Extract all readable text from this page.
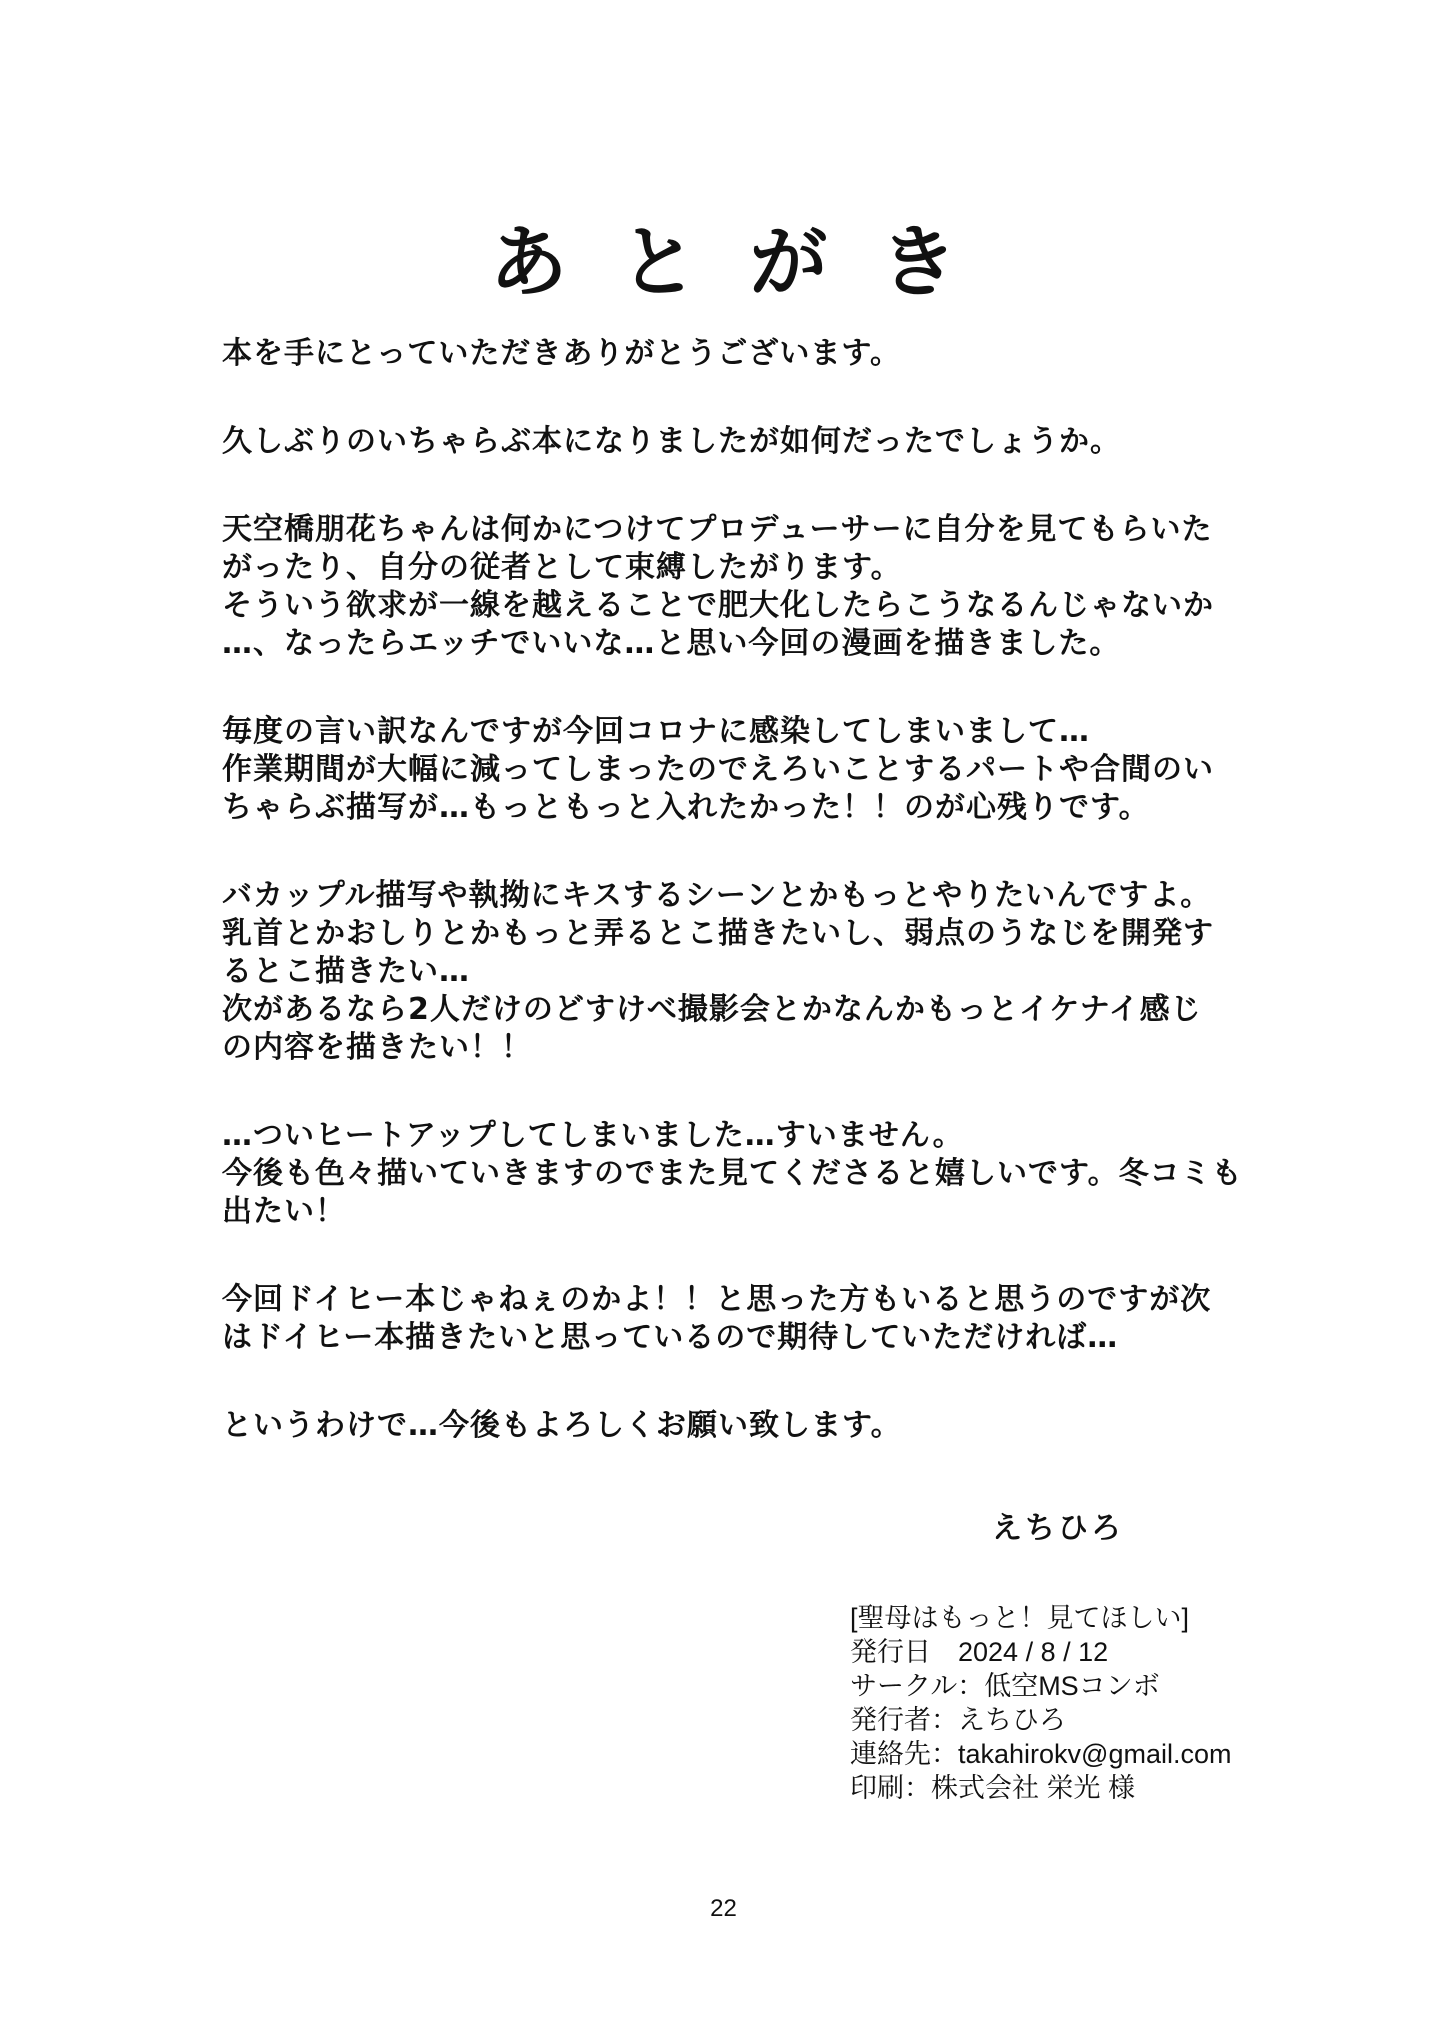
あとがき
本を手にとっていただきありがとうございます。
久しぶりのいちゃらぶ本になりましたが如何だったでしょうか。
天空橋朋花ちゃんは何かにつけてプロデューサーに自分を見てもらいた
がったり、自分の従者として束縛したがります。
そういう欲求が一線を越えることで肥大化したらこうなるんじゃないか
…、なったらエッチでいいな…と思い今回の漫画を描きました。
毎度の言い訳なんですが今回コロナに感染してしまいまして…
作業期間が大幅に減ってしまったのでえろいことするパートや合間のい
ちゃらぶ描写が…もっともっと入れたかった！！のが心残りです。
バカップル描写や執拗にキスするシーンとかもっとやりたいんですよ。
乳首とかおしりとかもっと弄るとこ描きたいし、弱点のうなじを開発す
るとこ描きたい…
次があるなら2人だけのどすけべ撮影会とかなんかもっとイケナイ感じ
の内容を描きたい！！
…ついヒートアップしてしまいました…すいません。
今後も色々描いていきますのでまた見てくださると嬉しいです。冬コミも
出たい！
今回ドイヒー本じゃねぇのかよ！！と思った方もいると思うのですが次
はドイヒー本描きたいと思っているので期待していただければ…
というわけで…今後もよろしくお願い致します。
えちひろ
[聖母はもっと！見てほしい]
発行日　2024 / 8 / 12
サークル：低空MSコンボ
発行者：えちひろ
連絡先：takahirokv@gmail.com
印刷：株式会社 栄光 様
22
